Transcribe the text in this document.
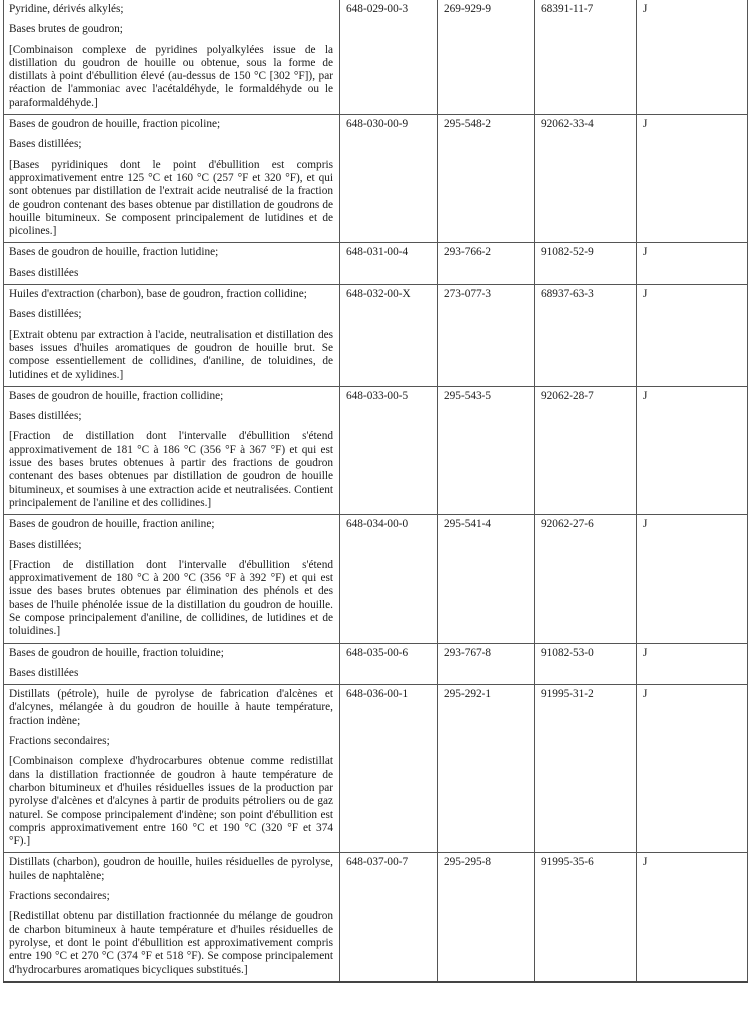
Pyridine, dérivés alkylés;

Bases brutes de goudron;

[Combinaison complexe de pyridines polyalkylées issue de la distillation du goudron de houille ou obtenue, sous la forme de distillats à point d'ébullition élevé (au-dessus de 150 °C [302 °F]), par réaction de l'ammoniac avec l'acétaldéhyde, le formaldéhyde ou le paraformaldéhyde.]	648-029-00-3	269-929-9	68391-11-7	J

Bases de goudron de houille, fraction picoline;

Bases distillées;

[Bases pyridiniques dont le point d'ébullition est compris approximativement entre 125 °C et 160 °C (257 °F et 320 °F), et qui sont obtenues par distillation de l'extrait acide neutralisé de la fraction de goudron contenant des bases obtenue par distillation de goudrons de houille bitumineux. Se composent principalement de lutidines et de picolines.]	648-030-00-9	295-548-2	92062-33-4	J

Bases de goudron de houille, fraction lutidine;

Bases distillées	648-031-00-4	293-766-2	91082-52-9	J

Huiles d'extraction (charbon), base de goudron, fraction collidine;

Bases distillées;

[Extrait obtenu par extraction à l'acide, neutralisation et distillation des bases issues d'huiles aromatiques de goudron de houille brut. Se compose essentiellement de collidines, d'aniline, de toluidines, de lutidines et de xylidines.]	648-032-00-X	273-077-3	68937-63-3	J

Bases de goudron de houille, fraction collidine;

Bases distillées;

[Fraction de distillation dont l'intervalle d'ébullition s'étend approximativement de 181 °C à 186 °C (356 °F à 367 °F) et qui est issue des bases brutes obtenues à partir des fractions de goudron contenant des bases obtenues par distillation de goudron de houille bitumineux, et soumises à une extraction acide et neutralisées. Contient principalement de l'aniline et des collidines.]	648-033-00-5	295-543-5	92062-28-7	J

Bases de goudron de houille, fraction aniline;

Bases distillées;

[Fraction de distillation dont l'intervalle d'ébullition s'étend approximativement de 180 °C à 200 °C (356 °F à 392 °F) et qui est issue des bases brutes obtenues par élimination des phénols et des bases de l'huile phénolée issue de la distillation du goudron de houille. Se compose principalement d'aniline, de collidines, de lutidines et de toluidines.]	648-034-00-0	295-541-4	92062-27-6	J

Bases de goudron de houille, fraction toluidine;

Bases distillées	648-035-00-6	293-767-8	91082-53-0	J

Distillats (pétrole), huile de pyrolyse de fabrication d'alcènes et d'alcynes, mélangée à du goudron de houille à haute température, fraction indène;

Fractions secondaires;

[Combinaison complexe d'hydrocarbures obtenue comme redistillat dans la distillation fractionnée de goudron à haute température de charbon bitumineux et d'huiles résiduelles issues de la production par pyrolyse d'alcènes et d'alcynes à partir de produits pétroliers ou de gaz naturel. Se compose principalement d'indène; son point d'ébullition est compris approximativement entre 160 °C et 190 °C (320 °F et 374 °F).]	648-036-00-1	295-292-1	91995-31-2	J

Distillats (charbon), goudron de houille, huiles résiduelles de pyrolyse, huiles de naphtalène;

Fractions secondaires;

[Redistillat obtenu par distillation fractionnée du mélange de goudron de charbon bitumineux à haute température et d'huiles résiduelles de pyrolyse, et dont le point d'ébullition est approximativement compris entre 190 °C et 270 °C (374 °F et 518 °F). Se compose principalement d'hydrocarbures aromatiques bicycliques substitués.]	648-037-00-7	295-295-8	91995-35-6	J
